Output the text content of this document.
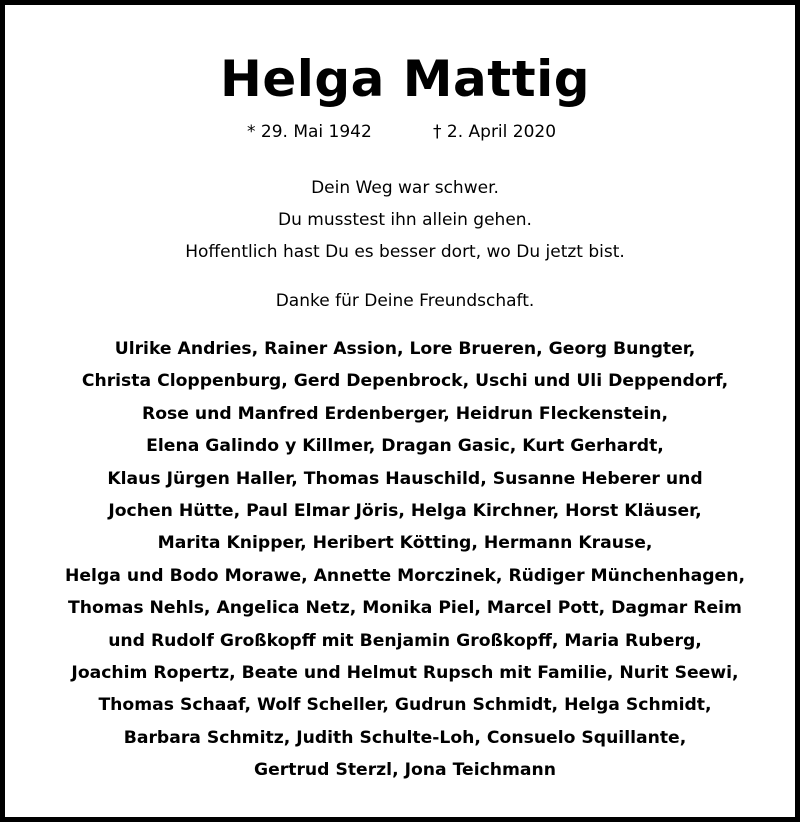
Helga Mattig
* 29. Mai 1942	† 2. April 2020
Dein Weg war schwer.
Du musstest ihn allein gehen.
Hoffentlich hast Du es besser dort, wo Du jetzt bist.
Danke für Deine Freundschaft.
Ulrike Andries, Rainer Assion, Lore Brueren, Georg Bungter,
Christa Cloppenburg, Gerd Depenbrock, Uschi und Uli Deppendorf,
Rose und Manfred Erdenberger, Heidrun Fleckenstein,
Elena Galindo y Killmer, Dragan Gasic, Kurt Gerhardt,
Klaus Jürgen Haller, Thomas Hauschild, Susanne Heberer und
Jochen Hütte, Paul Elmar Jöris, Helga Kirchner, Horst Kläuser,
Marita Knipper, Heribert Kötting, Hermann Krause,
Helga und Bodo Morawe, Annette Morczinek, Rüdiger Münchenhagen,
Thomas Nehls, Angelica Netz, Monika Piel, Marcel Pott, Dagmar Reim
und Rudolf Großkopff mit Benjamin Großkopff, Maria Ruberg,
Joachim Ropertz, Beate und Helmut Rupsch mit Familie, Nurit Seewi,
Thomas Schaaf, Wolf Scheller, Gudrun Schmidt, Helga Schmidt,
Barbara Schmitz, Judith Schulte-Loh, Consuelo Squillante,
Gertrud Sterzl, Jona Teichmann
